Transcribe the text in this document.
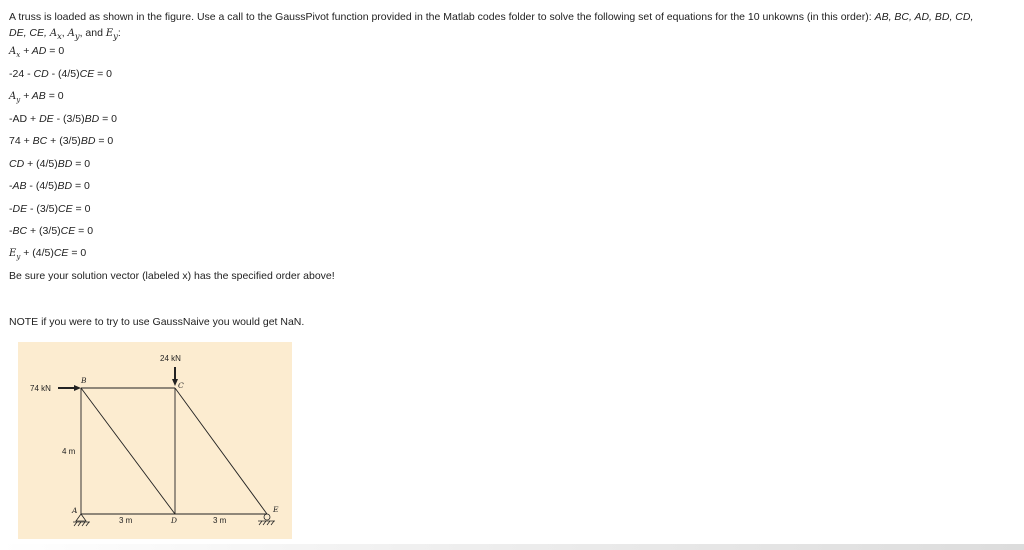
A truss is loaded as shown in the figure. Use a call to the GaussPivot function provided in the Matlab codes folder to solve the following set of equations for the 10 unkowns (in this order): AB, BC, AD, BD, CD,
DE, CE, $A_x$, $A_y$, and $E_y$:
$A_x$ + AD = 0
-24 - CD - (4/5)CE = 0
$A_y$ + AB = 0
-AD + DE - (3/5)BD = 0
74 + BC + (3/5)BD = 0
CD + (4/5)BD = 0
-AB - (4/5)BD = 0
-DE - (3/5)CE = 0
-BC + (3/5)CE = 0
$E_y + (4/5)CE = 0$
Be sure your solution vector (labeled x) has the specified order above!
NOTE if you were to try to use GaussNaive you would get NaN.
24 kN
74 kN
4 m
3 m	3 m
A
B
C
D
E
